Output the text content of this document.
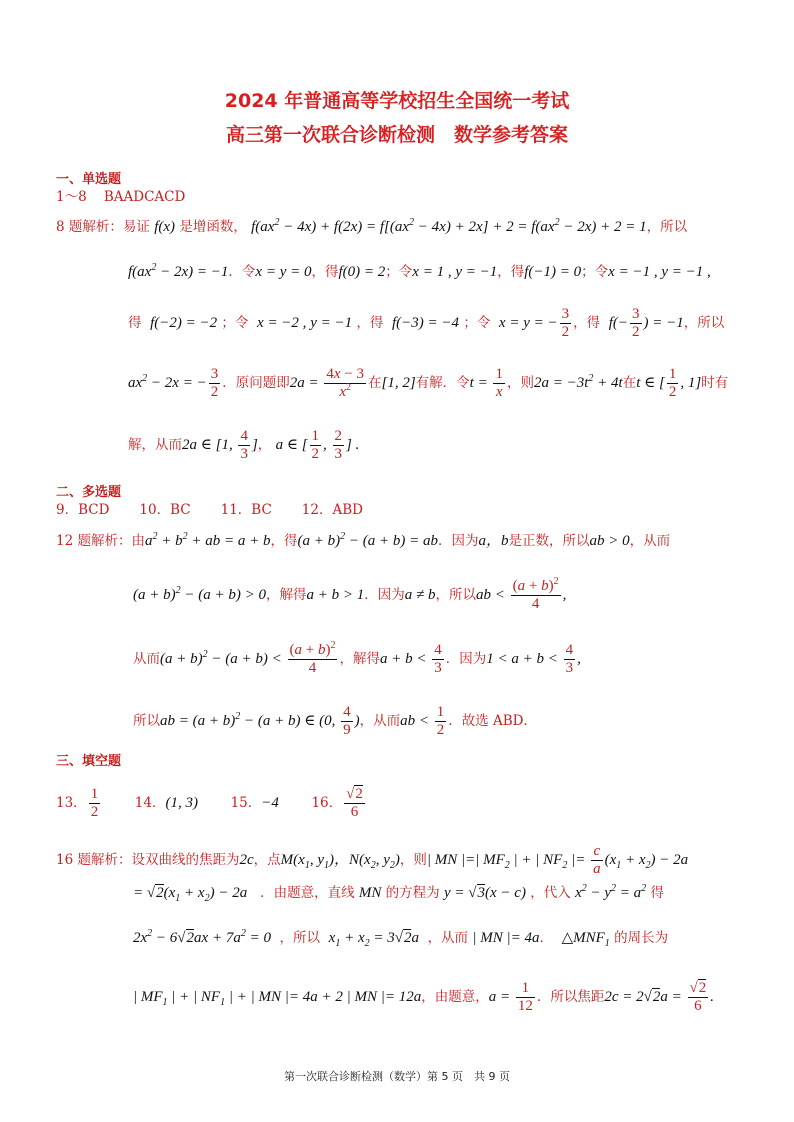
2024 年普通高等学校招生全国统一考试
高三第一次联合诊断检测　数学参考答案
一、单选题
1～8 BAADCACD
8 题解析：易证 f(x) 是增函数， $f(ax^2 - 4x) + f(2x) = f[(ax^2 - 4x) + 2x] + 2 = f(ax^2 - 2x) + 2 = 1$，所以
$f(ax^2 - 2x) = -1$．令x = y = 0，得f(0) = 2；令x = 1 , y = −1，得f(−1) = 0；令x = −1 , y = −1 ,
得 f(−2) = −2 ；令 x = −2 , y = −1 ，得 f(−3) = −4 ；令 x = y = − $\frac{3}{2}$ ，得 $f(- \frac{3}{2}$ ) = −1，所以
$ax^2 - 2x$ = − $\frac{3}{2}$ ．原问题即$2a = \frac{4x - 3}{x^2}$ 在[1, 2]有解．令$t = \frac{1}{x}$ ，则$2a = -3t^2 + 4t$在t ∈ [ $\frac{1}{2}$ , 1]时有
解，从而2a ∈ [1, $\frac{4}{3}$ ]， a ∈ [ $\frac{1}{2}$ , $\frac{2}{3}$ ] .
二、多选题
9．BCD 10．BC 11．BC 12．ABD
12 题解析：由$a^2 + b^2$ + ab = a + b，得$(a + b)^2 - (a + b)$ = ab．因为a，b是正数，所以ab > 0，从而
$(a + b)^2 - (a + b) > 0$，解得a + b > 1．因为a ≠ b，所以ab < $\frac{(a + b)^2}{4}$ ,
从而$(a + b)^2 - (a + b) < \frac{(a + b)^2}{4}$ ，解得$a + b < \frac{4}{3}$ ．因为$1 < a + b < \frac{4}{3}$ ,
所以ab = $(a + b)^2 - (a + b)$ ∈ (0, $\frac{4}{9}$ )，从而ab < $\frac{1}{2}$ ．故选 ABD．
三、填空题
13． $\frac{1}{2}$	14．(1, 3) 15．−4 16． $\frac{√2}{6}$
16 题解析：设双曲线的焦距为2c，点$M(x_1$, $y_1$)，$N(x_2$, $y_2$)，则| MN |=| $MF_2$ | + | $NF_2$ |= $\frac{c}{a} (x_1 + x_2) - 2a$
= $√2(x_1 + x_2) - 2a$ ．由题意，直线 MN 的方程为 y = √3(x − c) ，代入 $x^2 - y^2 = a^2$ 得
$2x^2 - 6√2ax + 7a^2 = 0$ ，所以 $x_1 + x_2 = 3√2a$ ，从而 | MN |= 4a． $\triangle MNF_1$ 的周长为
| $MF_1$ | + | $NF_1$ | + | MN |= 4a + 2 | MN |= 12a，由题意，$a = \frac{1}{12}$ ．所以焦距$2c = 2√2a = \frac{√2}{6}$ .
第一次联合诊断检测（数学）第 5 页　共 9 页
